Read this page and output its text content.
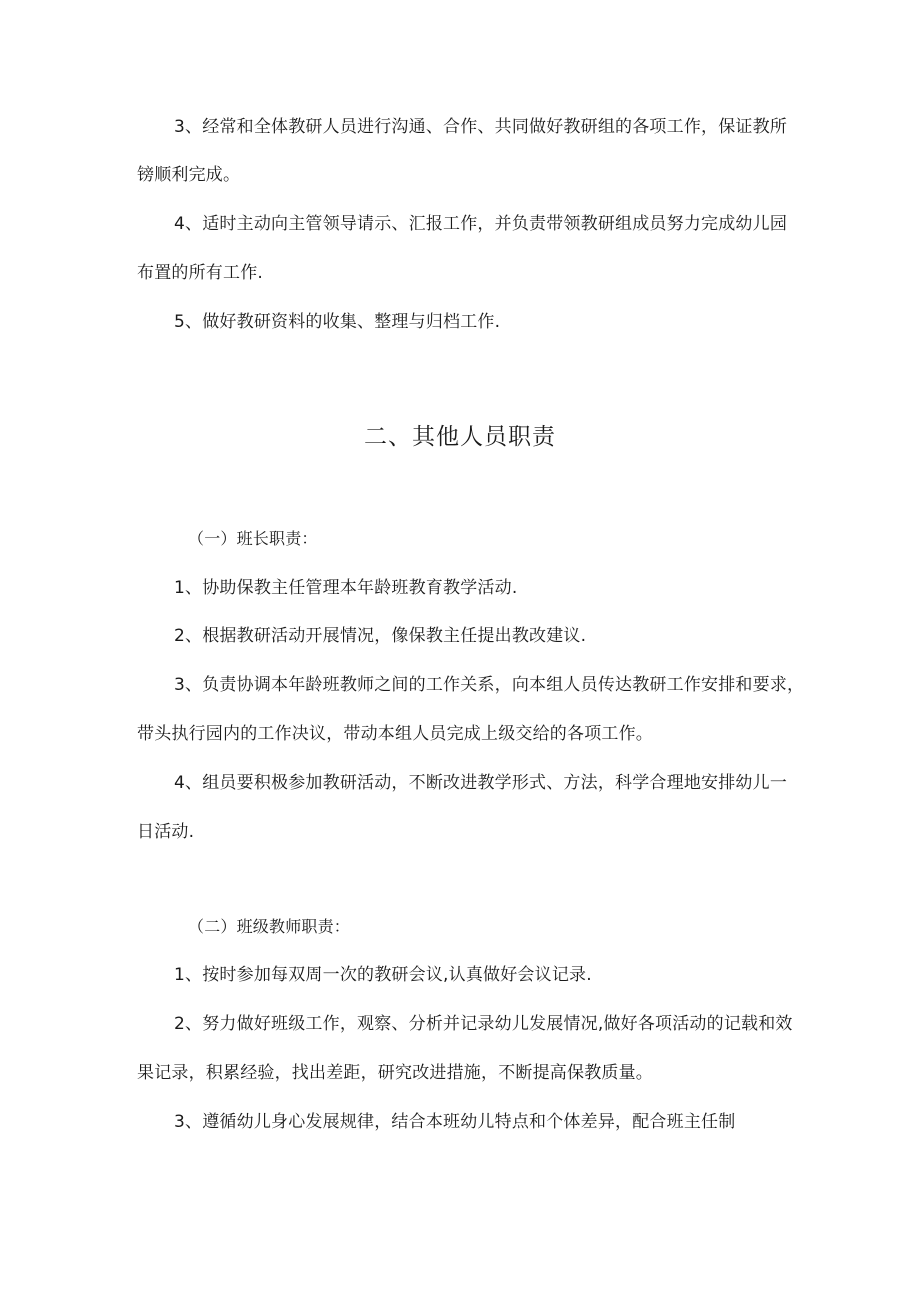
3、经常和全体教研人员进行沟通、合作、共同做好教研组的各项工作，保证教所
镑顺利完成。
4、适时主动向主管领导请示、汇报工作，并负责带领教研组成员努力完成幼儿园
布置的所有工作.
5、做好教研资料的收集、整理与归档工作.
二、其他人员职责
（一）班长职责：
1、协助保教主任管理本年龄班教育教学活动.
2、根据教研活动开展情况，像保教主任提出教改建议.
3、负责协调本年龄班教师之间的工作关系，向本组人员传达教研工作安排和要求，
带头执行园内的工作决议，带动本组人员完成上级交给的各项工作。
4、组员要积极参加教研活动，不断改进教学形式、方法，科学合理地安排幼儿一
日活动.
（二）班级教师职责：
1、按时参加每双周一次的教研会议,认真做好会议记录.
2、努力做好班级工作，观察、分析并记录幼儿发展情况,做好各项活动的记载和效
果记录，积累经验，找出差距，研究改进措施，不断提高保教质量。
3、遵循幼儿身心发展规律，结合本班幼儿特点和个体差异，配合班主任制
